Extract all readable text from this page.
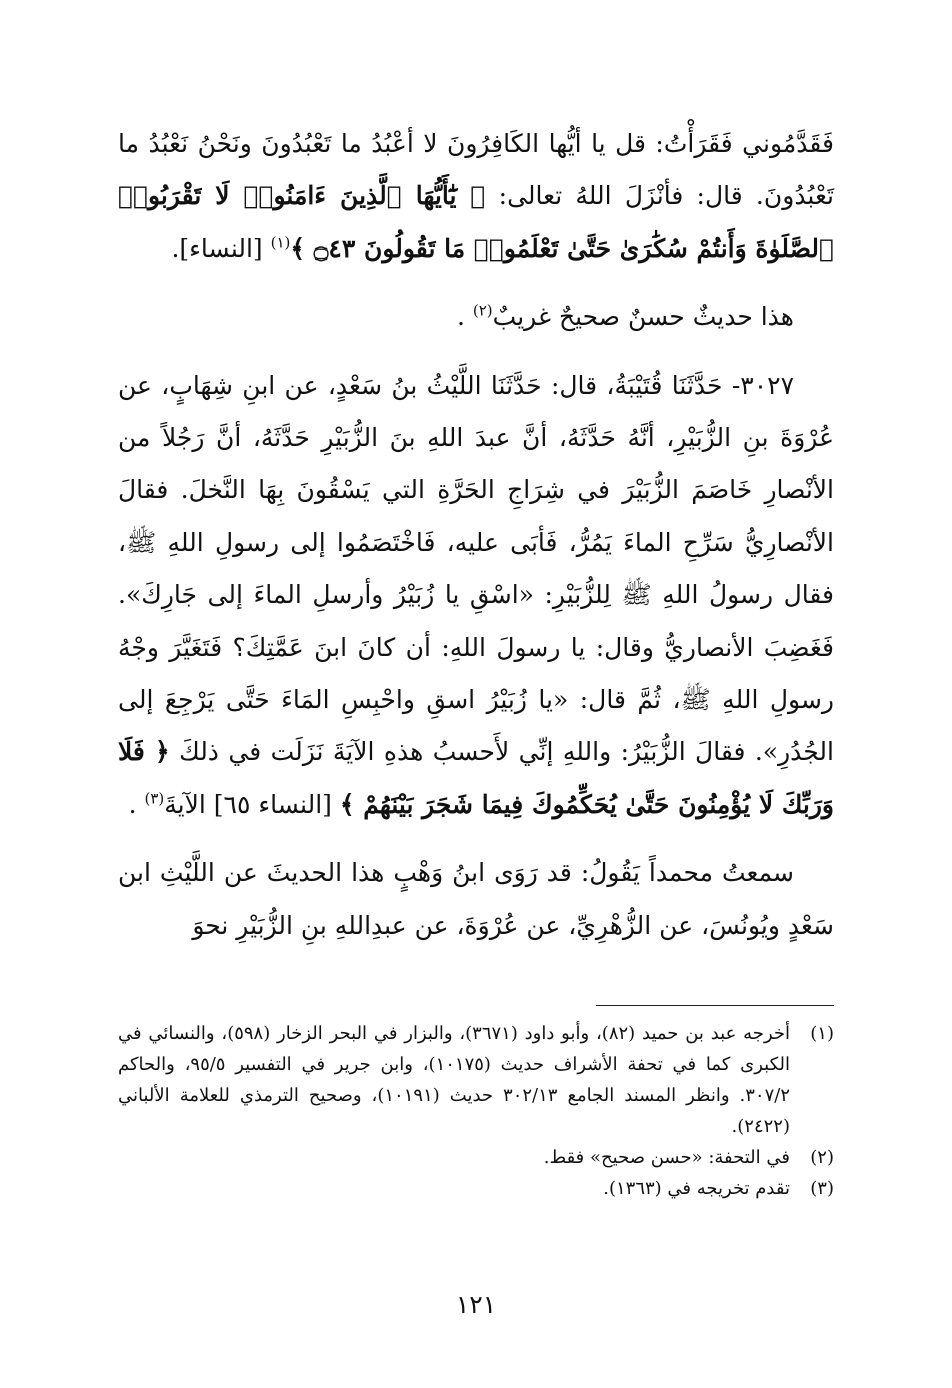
فَقَدَّمُوني فَقَرَأْتُ: قل يا أيُّها الكَافِرُونَ لا أعْبُدُ ما تَعْبُدُونَ ونَحْنُ نَعْبُدُ ما تَعْبُدُونَ. قال: فأنْزَلَ اللهُ تعالى: ﴿ يَٰٓأَيُّهَا ٱلَّذِينَ ءَامَنُوا۟ لَا تَقْرَبُوا۟ ٱلصَّلَوٰةَ وَأَنتُمْ سُكَٰرَىٰ حَتَّىٰ تَعْلَمُوا۟ مَا تَقُولُونَ ۝٤٣ ﴾$^{(١)}$ [النساء].

هذا حديثٌ حسنٌ صحيحٌ غريبٌ$^{(٢)}$ .

٣٠٢٧- حَدَّثَنَا قُتَيْبَةُ، قال: حَدَّثَنَا اللَّيْثُ بنُ سَعْدٍ، عن ابنِ شِهَابٍ، عن عُرْوَةَ بنِ الزُّبَيْرِ، أنَّهُ حَدَّثَهُ، أنَّ عبدَ اللهِ بنَ الزُّبَيْرِ حَدَّثَهُ، أنَّ رَجُلاً من الأنْصارِ خَاصَمَ الزُّبَيْرَ في شِرَاجِ الحَرَّةِ التي يَسْقُونَ بِهَا النَّخلَ. فقالَ الأنْصارِيُّ سَرِّحِ الماءَ يَمُرُّ، فَأبَى عليه، فَاخْتَصَمُوا إلى رسولِ اللهِ ﷺ، فقال رسولُ اللهِ ﷺ لِلزُّبَيْرِ: «اسْقِ يا زُبَيْرُ وأرسلِ الماءَ إلى جَارِكَ». فَغَضِبَ الأنصاريُّ وقال: يا رسولَ اللهِ: أن كانَ ابنَ عَمَّتِكَ؟ فَتَغَيَّرَ وجْهُ رسولِ اللهِ ﷺ، ثُمَّ قال: «يا زُبَيْرُ اسقِ واحْبِسِ المَاءَ حَتَّى يَرْجِعَ إلى الجُدُرِ». فقالَ الزُّبَيْرُ: واللهِ إنِّي لأَحسبُ هذهِ الآيَةَ نَزَلَت في ذلكَ ﴿ فَلَا وَرَبِّكَ لَا يُؤْمِنُونَ حَتَّىٰ يُحَكِّمُوكَ فِيمَا شَجَرَ بَيْنَهُمْ ﴾ [النساء ٦٥] الآيةَ$^{(٣)}$ .

سمعتُ محمداً يَقُولُ: قد رَوَى ابنُ وَهْبٍ هذا الحديثَ عن اللَّيْثِ ابن سَعْدٍ ويُونُسَ، عن الزُّهْرِيِّ، عن عُرْوَةَ، عن عبدِاللهِ بنِ الزُّبَيْرِ نحوَ

(١)
أخرجه عبد بن حميد (٨٢)، وأبو داود (٣٦٧١)، والبزار في البحر الزخار (٥٩٨)، والنسائي في الكبرى كما في تحفة الأشراف حديث (١٠١٧٥)، وابن جرير في التفسير ٩٥/٥، والحاكم ٣٠٧/٢. وانظر المسند الجامع ٣٠٢/١٣ حديث (١٠١٩١)، وصحيح الترمذي للعلامة الألباني (٢٤٢٢).
(٢)
في التحفة: «حسن صحيح» فقط.
(٣)
تقدم تخريجه في (١٣٦٣).
١٢١
